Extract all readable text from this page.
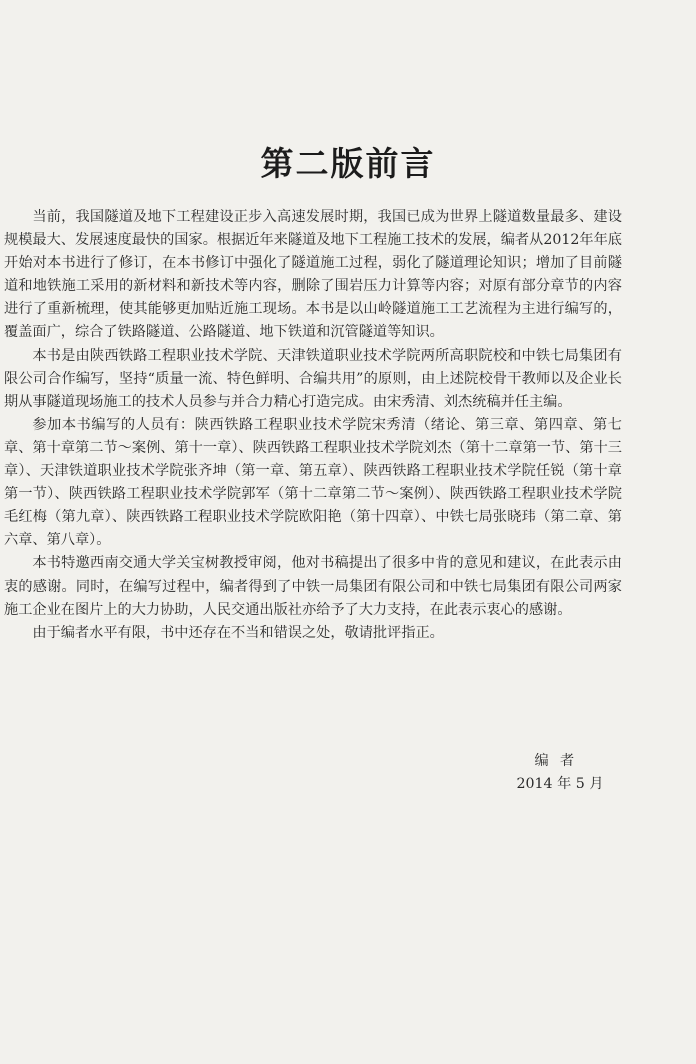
第二版前言

当前，我国隧道及地下工程建设正步入高速发展时期，我国已成为世界上隧道数量最多、建设规模最大、发展速度最快的国家。根据近年来隧道及地下工程施工技术的发展，编者从2012年年底开始对本书进行了修订，在本书修订中强化了隧道施工过程，弱化了隧道理论知识；增加了目前隧道和地铁施工采用的新材料和新技术等内容，删除了围岩压力计算等内容；对原有部分章节的内容进行了重新梳理，使其能够更加贴近施工现场。本书是以山岭隧道施工工艺流程为主进行编写的，覆盖面广，综合了铁路隧道、公路隧道、地下铁道和沉管隧道等知识。

本书是由陕西铁路工程职业技术学院、天津铁道职业技术学院两所高职院校和中铁七局集团有限公司合作编写，坚持“质量一流、特色鲜明、合编共用”的原则，由上述院校骨干教师以及企业长期从事隧道现场施工的技术人员参与并合力精心打造完成。由宋秀清、刘杰统稿并任主编。

参加本书编写的人员有：陕西铁路工程职业技术学院宋秀清（绪论、第三章、第四章、第七章、第十章第二节～案例、第十一章）、陕西铁路工程职业技术学院刘杰（第十二章第一节、第十三章）、天津铁道职业技术学院张齐坤（第一章、第五章）、陕西铁路工程职业技术学院任锐（第十章第一节）、陕西铁路工程职业技术学院郭军（第十二章第二节～案例）、陕西铁路工程职业技术学院毛红梅（第九章）、陕西铁路工程职业技术学院欧阳艳（第十四章）、中铁七局张晓玮（第二章、第六章、第八章）。

本书特邀西南交通大学关宝树教授审阅，他对书稿提出了很多中肯的意见和建议，在此表示由衷的感谢。同时，在编写过程中，编者得到了中铁一局集团有限公司和中铁七局集团有限公司两家施工企业在图片上的大力协助，人民交通出版社亦给予了大力支持，在此表示衷心的感谢。

由于编者水平有限，书中还存在不当和错误之处，敬请批评指正。

编者
2014 年 5 月
